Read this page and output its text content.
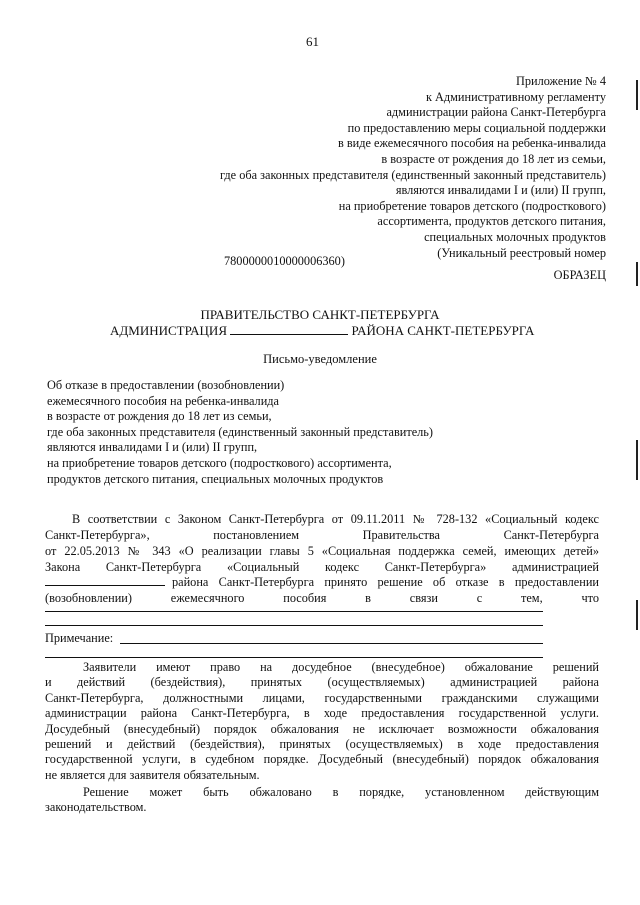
61
Приложение № 4
к Административному регламенту
администрации района Санкт-Петербурга
по предоставлению меры социальной поддержки
в виде ежемесячного пособия на ребенка-инвалида
в возрасте от рождения до 18 лет из семьи,
где оба законных представителя (единственный законный представитель)
являются инвалидами I и (или) II групп,
на приобретение товаров детского (подросткового)
ассортимента, продуктов детского питания,
специальных молочных продуктов
(Уникальный реестровый номер
7800000010000006360)
ОБРАЗЕЦ
ПРАВИТЕЛЬСТВО САНКТ-ПЕТЕРБУРГА
АДМИНИСТРАЦИЯ	РАЙОНА САНКТ-ПЕТЕРБУРГА
Письмо-уведомление
Об отказе в предоставлении (возобновлении)
ежемесячного пособия на ребенка-инвалида
в возрасте от рождения до 18 лет из семьи,
где оба законных представителя (единственный законный представитель)
являются инвалидами I и (или) II групп,
на приобретение товаров детского (подросткового) ассортимента,
продуктов детского питания, специальных молочных продуктов
В соответствии с Законом Санкт-Петербурга от 09.11.2011 № 728-132 «Социальный кодекс
Санкт-Петербурга», постановлением Правительства Санкт-Петербурга
от 22.05.2013 № 343 «О реализации главы 5 «Социальная поддержка семей, имеющих детей»
Закона Санкт-Петербурга «Социальный кодекс Санкт-Петербурга» администрацией
района Санкт-Петербурга принято решение об отказе в предоставлении
(возобновлении) ежемесячного пособия в связи с тем, что
Примечание:
Заявители имеют право на досудебное (внесудебное) обжалование решений
и действий (бездействия), принятых (осуществляемых) администрацией района
Санкт-Петербурга, должностными лицами, государственными гражданскими служащими
администрации района Санкт-Петербурга, в ходе предоставления государственной услуги.
Досудебный (внесудебный) порядок обжалования не исключает возможности обжалования
решений и действий (бездействия), принятых (осуществляемых) в ходе предоставления
государственной услуги, в судебном порядке. Досудебный (внесудебный) порядок обжалования
не является для заявителя обязательным.
Решение может быть обжаловано в порядке, установленном действующим
законодательством.
